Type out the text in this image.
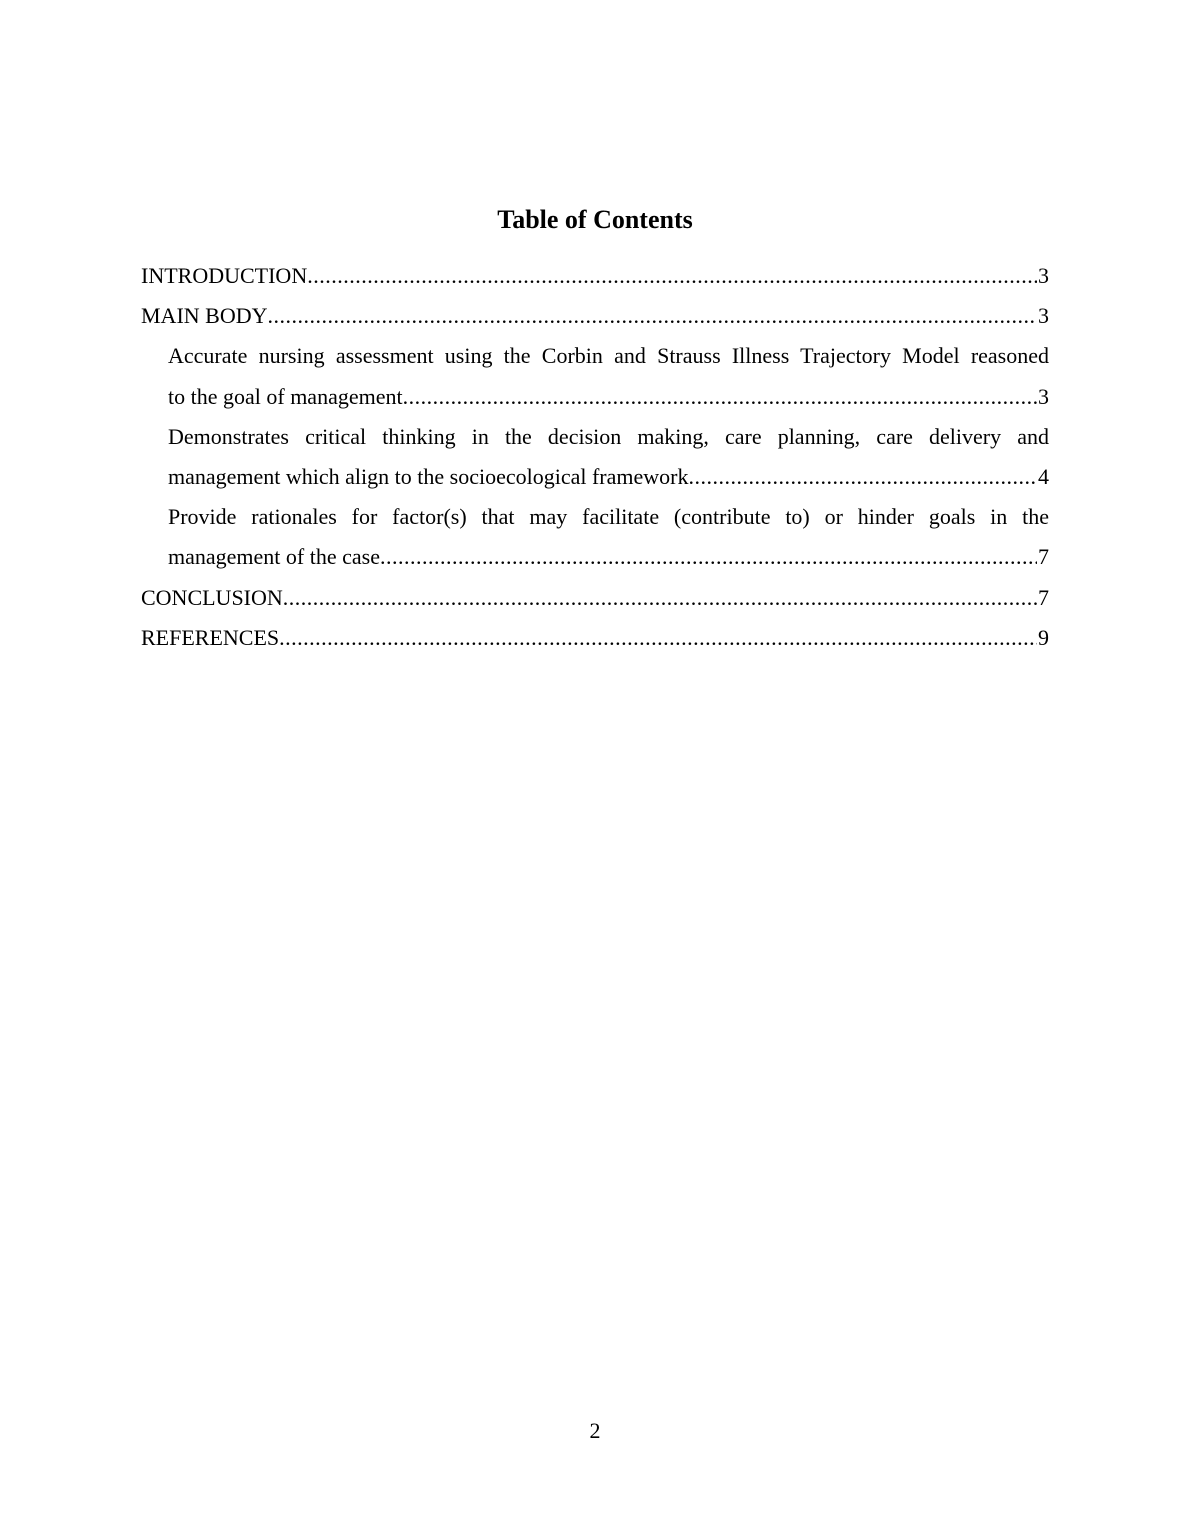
Table of Contents
INTRODUCTION .....	3
MAIN BODY .....	3
Accurate nursing assessment using the Corbin and Strauss Illness Trajectory Model reasoned
to the goal of management .....	3
Demonstrates critical thinking in the decision making, care planning, care delivery and
management which align to the socioecological framework .....	4
Provide rationales for factor(s) that may facilitate (contribute to) or hinder goals in the
management of the case .....	7
CONCLUSION .....	7
REFERENCES .....	9
2
